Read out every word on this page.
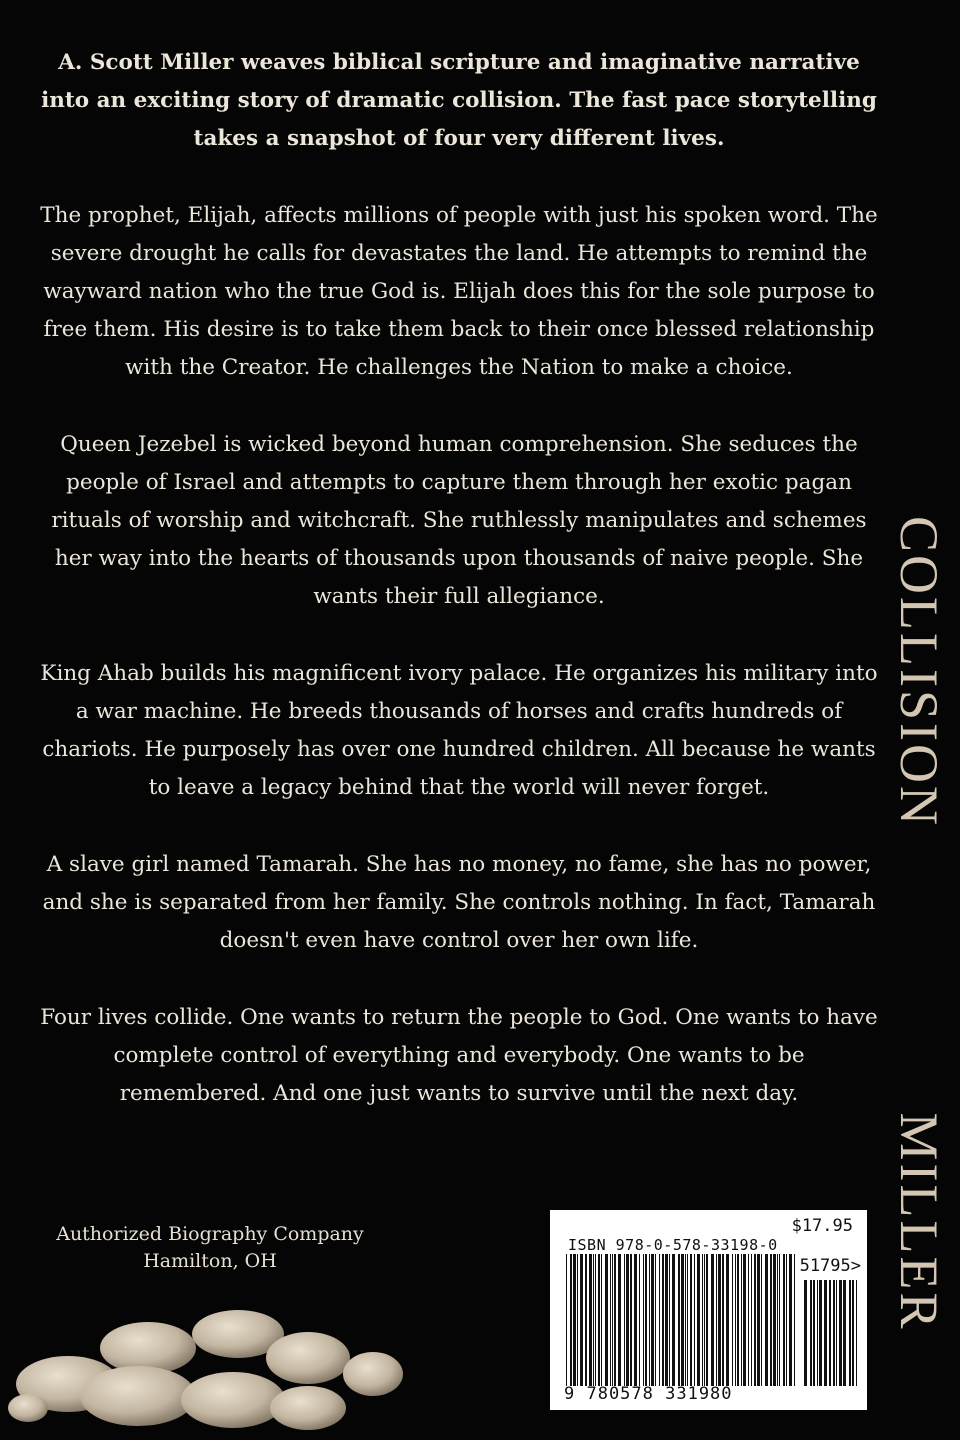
A. Scott Miller weaves biblical scripture and imaginative narrative into an exciting story of dramatic collision. The fast pace storytelling takes a snapshot of four very different lives.

The prophet, Elijah, affects millions of people with just his spoken word. The severe drought he calls for devastates the land. He attempts to remind the wayward nation who the true God is. Elijah does this for the sole purpose to free them. His desire is to take them back to their once blessed relationship with the Creator. He challenges the Nation to make a choice.

Queen Jezebel is wicked beyond human comprehension. She seduces the people of Israel and attempts to capture them through her exotic pagan rituals of worship and witchcraft. She ruthlessly manipulates and schemes her way into the hearts of thousands upon thousands of naive people. She wants their full allegiance.

King Ahab builds his magnificent ivory palace. He organizes his military into a war machine. He breeds thousands of horses and crafts hundreds of chariots. He purposely has over one hundred children. All because he wants to leave a legacy behind that the world will never forget.

A slave girl named Tamarah. She has no money, no fame, she has no power, and she is separated from her family. She controls nothing. In fact, Tamarah doesn't even have control over her own life.

Four lives collide. One wants to return the people to God. One wants to have complete control of everything and everybody. One wants to be remembered. And one just wants to survive until the next day.

COLLISION
MILLER
Authorized Biography Company
Hamilton, OH
$17.95
ISBN 978-0-578-33198-0
51795>
9 780578 331980
